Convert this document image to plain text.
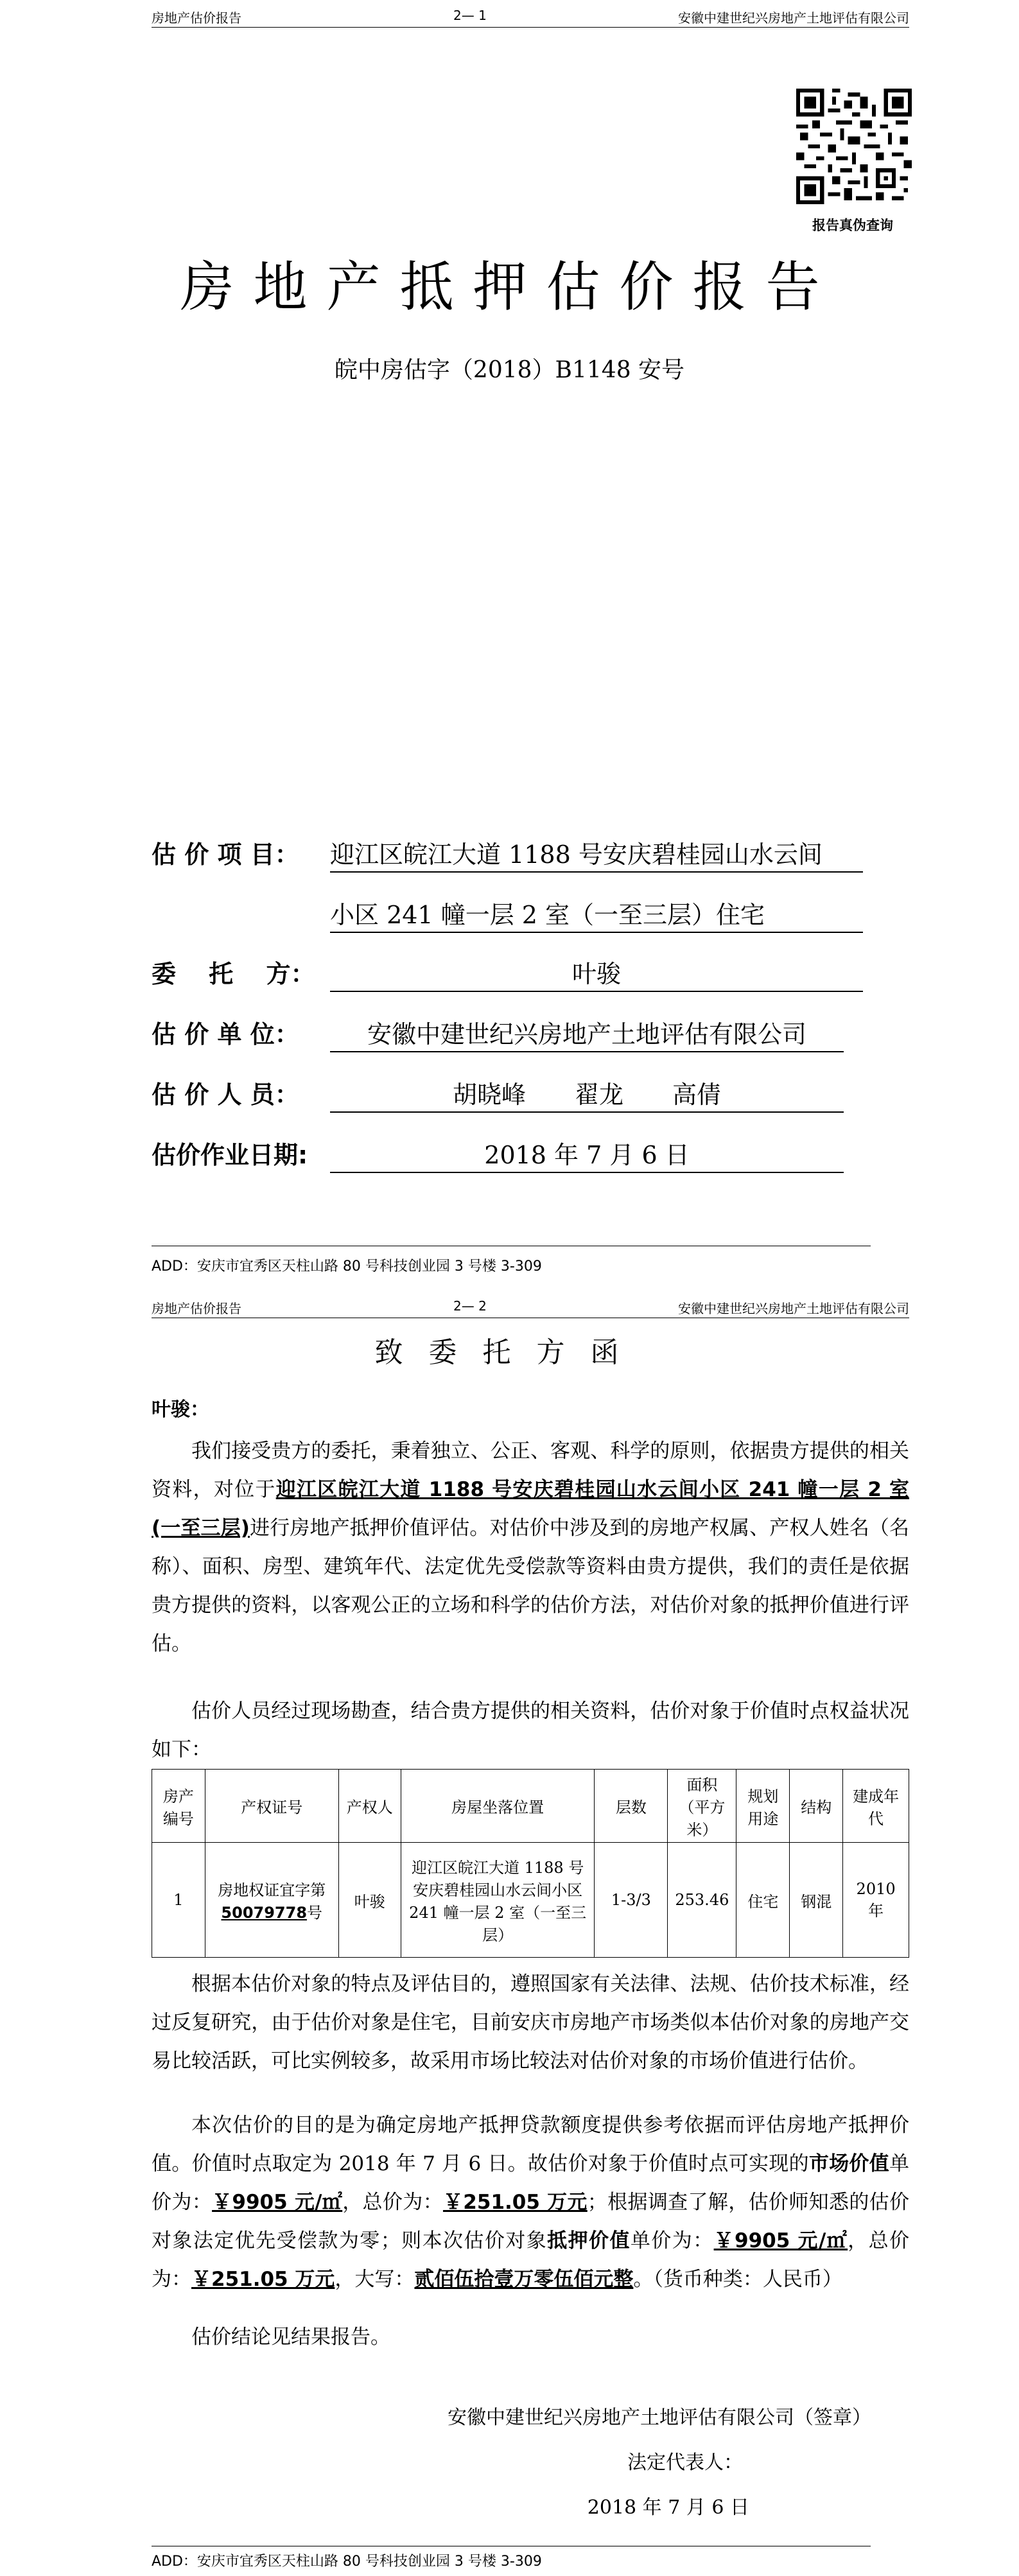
房地产估价报告	2— 1	安徽中建世纪兴房地产土地评估有限公司
报告真伪查询
房地产抵押估价报告
皖中房估字（2018）B1148 安号
估 价 项 目： 迎江区皖江大道 1188 号安庆碧桂园山水云间
小区 241 幢一层 2 室（一至三层）住宅
委　 托　 方：	叶骏
估 价 单 位：	安徽中建世纪兴房地产土地评估有限公司
估 价 人 员：	胡晓峰　　翟龙　　高倩
估价作业日期:	2018 年 7 月 6 日
ADD：安庆市宜秀区天柱山路 80 号科技创业园 3 号楼 3-309
房地产估价报告	2— 2	安徽中建世纪兴房地产土地评估有限公司
致委托方函
叶骏：

我们接受贵方的委托，秉着独立、公正、客观、科学的原则，依据贵方提供的相关资料，对位于迎江区皖江大道 1188 号安庆碧桂园山水云间小区 241 幢一层 2 室(一至三层)进行房地产抵押价值评估。对估价中涉及到的房地产权属、产权人姓名（名称）、面积、房型、建筑年代、法定优先受偿款等资料由贵方提供，我们的责任是依据贵方提供的资料，以客观公正的立场和科学的估价方法，对估价对象的抵押价值进行评估。

估价人员经过现场勘查，结合贵方提供的相关资料，估价对象于价值时点权益状况如下：

房产编号	产权证号	产权人	房屋坐落位置	层数	面积（平方米）	规划用途	结构	建成年代
1	房地权证宜字第50079778号	叶骏	迎江区皖江大道 1188 号安庆碧桂园山水云间小区 241 幢一层 2 室（一至三层）	1-3/3	253.46	住宅	钢混	2010 年

根据本估价对象的特点及评估目的，遵照国家有关法律、法规、估价技术标准，经过反复研究，由于估价对象是住宅，目前安庆市房地产市场类似本估价对象的房地产交易比较活跃，可比实例较多，故采用市场比较法对估价对象的市场价值进行估价。

本次估价的目的是为确定房地产抵押贷款额度提供参考依据而评估房地产抵押价值。价值时点取定为 2018 年 7 月 6 日。故估价对象于价值时点可实现的市场价值单价为：￥9905 元/㎡，总价为：￥251.05 万元；根据调查了解，估价师知悉的估价对象法定优先受偿款为零；则本次估价对象抵押价值单价为：￥9905 元/㎡，总价为：￥251.05 万元，大写：贰佰伍拾壹万零伍佰元整。（货币种类：人民币）

估价结论见结果报告。

安徽中建世纪兴房地产土地评估有限公司（签章）
法定代表人：
2018 年 7 月 6 日
ADD：安庆市宜秀区天柱山路 80 号科技创业园 3 号楼 3-309
